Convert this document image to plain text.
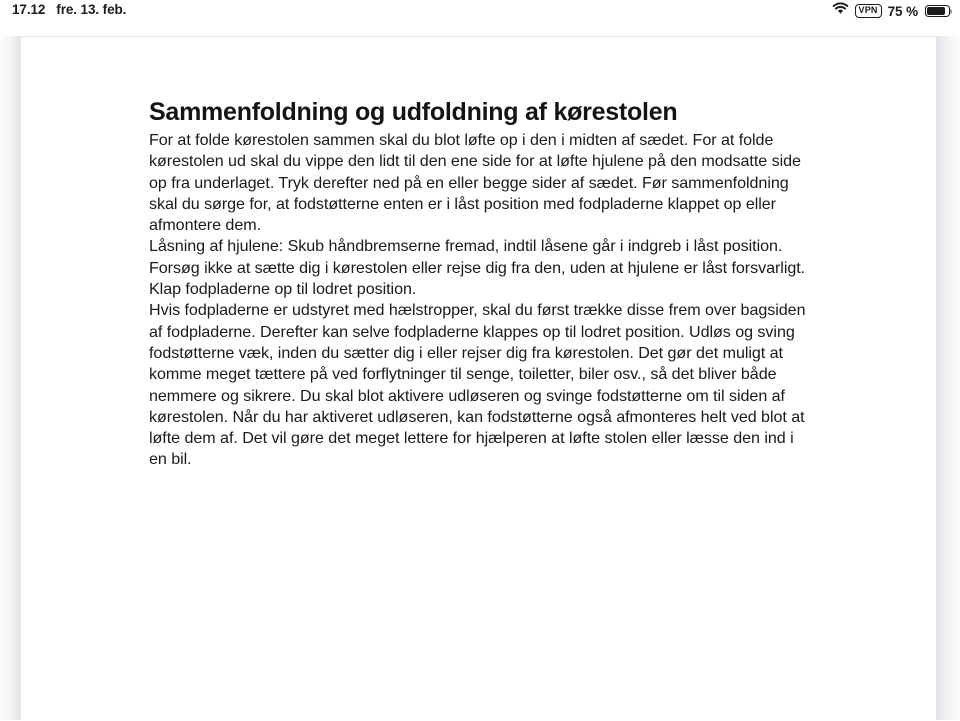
17.12 fre. 13. feb.	VPN 75 %
Sammenfoldning og udfoldning af kørestolen

For at folde kørestolen sammen skal du blot løfte op i den i midten af sædet. For at folde kørestolen ud skal du vippe den lidt til den ene side for at løfte hjulene på den modsatte side op fra underlaget. Tryk derefter ned på en eller begge sider af sædet. Før sammenfoldning skal du sørge for, at fodstøtterne enten er i låst position med fodpladerne klappet op eller afmontere dem.

Låsning af hjulene: Skub håndbremserne fremad, indtil låsene går i indgreb i låst position.

Forsøg ikke at sætte dig i kørestolen eller rejse dig fra den, uden at hjulene er låst forsvarligt.

Klap fodpladerne op til lodret position.

Hvis fodpladerne er udstyret med hælstropper, skal du først trække disse frem over bagsiden af fodpladerne. Derefter kan selve fodpladerne klappes op til lodret position. Udløs og sving fodstøtterne væk, inden du sætter dig i eller rejser dig fra kørestolen. Det gør det muligt at komme meget tættere på ved forflytninger til senge, toiletter, biler osv., så det bliver både nemmere og sikrere. Du skal blot aktivere udløseren og svinge fodstøtterne om til siden af kørestolen. Når du har aktiveret udløseren, kan fodstøtterne også afmonteres helt ved blot at løfte dem af. Det vil gøre det meget lettere for hjælperen at løfte stolen eller læsse den ind i en bil.
